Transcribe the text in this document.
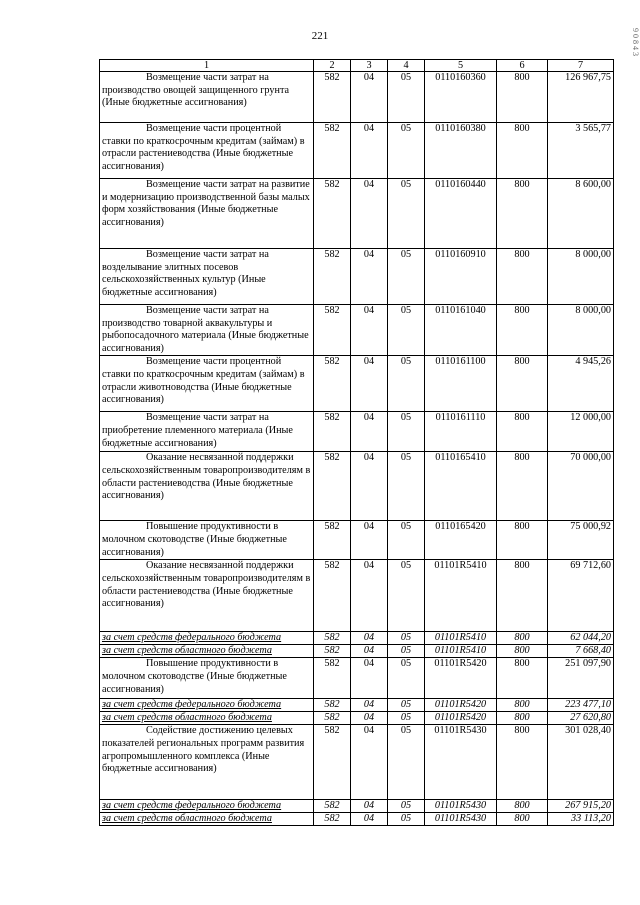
221	9 0 8 4 3
1	2	3	4	5	6	7
Возмещение части затрат на производство овощей защищенного грунта (Иные бюджетные ассигнования)	582	04	05	0110160360	800	126 967,75
Возмещение части процентной ставки по краткосрочным кредитам (займам) в отрасли растениеводства (Иные бюджетные ассигнования)	582	04	05	0110160380	800	3 565,77
Возмещение части затрат на развитие и модернизацию производственной базы малых форм хозяйствования (Иные бюджетные ассигнования)	582	04	05	0110160440	800	8 600,00
Возмещение части затрат на возделывание элитных посевов сельскохозяйственных культур (Иные бюджетные ассигнования)	582	04	05	0110160910	800	8 000,00
Возмещение части затрат на производство товарной аквакультуры и рыбопосадочного материала (Иные бюджетные ассигнования)	582	04	05	0110161040	800	8 000,00
Возмещение части процентной ставки по краткосрочным кредитам (займам) в отрасли животноводства (Иные бюджетные ассигнования)	582	04	05	0110161100	800	4 945,26
Возмещение части затрат на приобретение племенного материала (Иные бюджетные ассигнования)	582	04	05	0110161110	800	12 000,00
Оказание несвязанной поддержки сельскохозяйственным товаропроизводителям в области растениеводства (Иные бюджетные ассигнования)	582	04	05	0110165410	800	70 000,00
Повышение продуктивности в молочном скотоводстве (Иные бюджетные ассигнования)	582	04	05	0110165420	800	75 000,92
Оказание несвязанной поддержки сельскохозяйственным товаропроизводителям в области растениеводства (Иные бюджетные ассигнования)	582	04	05	01101R5410	800	69 712,60
за счет средств федерального бюджета	582	04	05	01101R5410	800	62 044,20
за счет средств областного бюджета	582	04	05	01101R5410	800	7 668,40
Повышение продуктивности в молочном скотоводстве (Иные бюджетные ассигнования)	582	04	05	01101R5420	800	251 097,90
за счет средств федерального бюджета	582	04	05	01101R5420	800	223 477,10
за счет средств областного бюджета	582	04	05	01101R5420	800	27 620,80
Содействие достижению целевых показателей региональных программ развития агропромышленного комплекса (Иные бюджетные ассигнования)	582	04	05	01101R5430	800	301 028,40
за счет средств федерального бюджета	582	04	05	01101R5430	800	267 915,20
за счет средств областного бюджета	582	04	05	01101R5430	800	33 113,20
